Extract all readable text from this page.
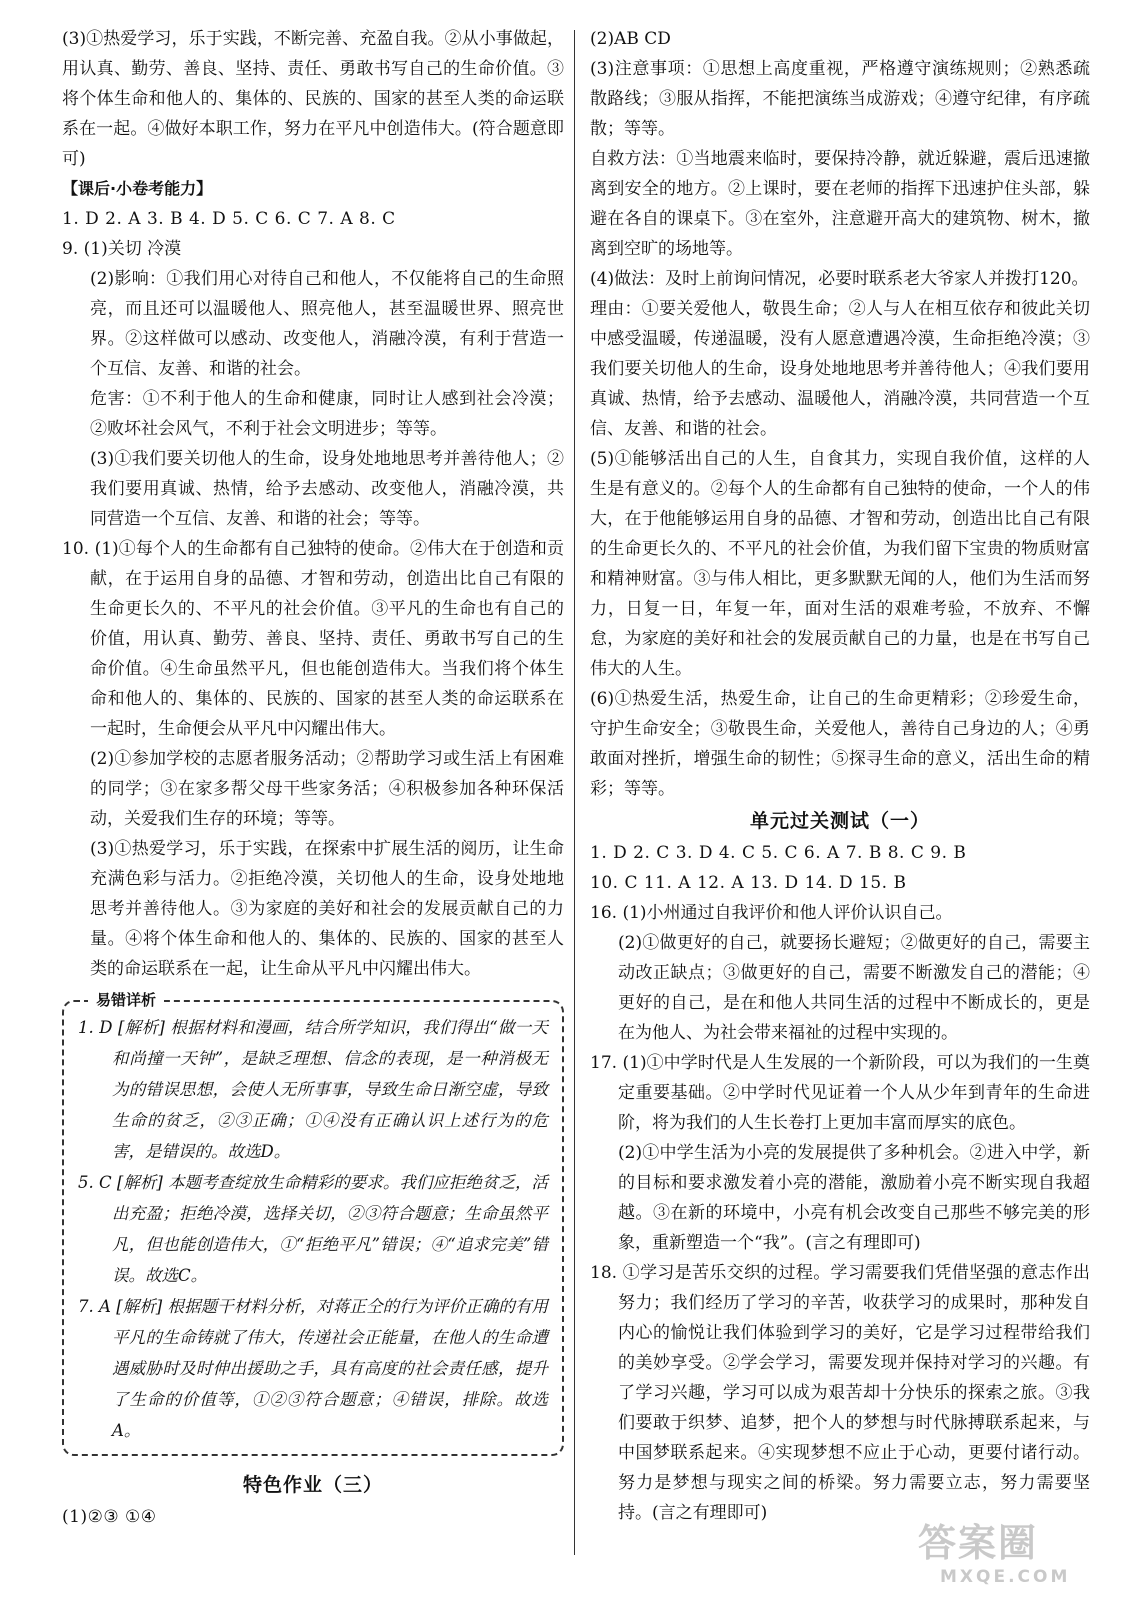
(3)①热爱学习，乐于实践，不断完善、充盈自我。②从小事做起，用认真、勤劳、善良、坚持、责任、勇敢书写自己的生命价值。③将个体生命和他人的、集体的、民族的、国家的甚至人类的命运联系在一起。④做好本职工作，努力在平凡中创造伟大。(符合题意即可)

【课后·小卷考能力】

1. D 2. A 3. B 4. D 5. C 6. C 7. A 8. C

9. (1)关切 冷漠

(2)影响：①我们用心对待自己和他人，不仅能将自己的生命照亮，而且还可以温暖他人、照亮他人，甚至温暖世界、照亮世界。②这样做可以感动、改变他人，消融冷漠，有利于营造一个互信、友善、和谐的社会。

危害：①不利于他人的生命和健康，同时让人感到社会冷漠；②败坏社会风气，不利于社会文明进步；等等。

(3)①我们要关切他人的生命，设身处地地思考并善待他人；②我们要用真诚、热情，给予去感动、改变他人，消融冷漠，共同营造一个互信、友善、和谐的社会；等等。

10. (1)①每个人的生命都有自己独特的使命。②伟大在于创造和贡献，在于运用自身的品德、才智和劳动，创造出比自己有限的生命更长久的、不平凡的社会价值。③平凡的生命也有自己的价值，用认真、勤劳、善良、坚持、责任、勇敢书写自己的生命价值。④生命虽然平凡，但也能创造伟大。当我们将个体生命和他人的、集体的、民族的、国家的甚至人类的命运联系在一起时，生命便会从平凡中闪耀出伟大。

(2)①参加学校的志愿者服务活动；②帮助学习或生活上有困难的同学；③在家多帮父母干些家务活；④积极参加各种环保活动，关爱我们生存的环境；等等。

(3)①热爱学习，乐于实践，在探索中扩展生活的阅历，让生命充满色彩与活力。②拒绝冷漠，关切他人的生命，设身处地地思考并善待他人。③为家庭的美好和社会的发展贡献自己的力量。④将个体生命和他人的、集体的、民族的、国家的甚至人类的命运联系在一起，让生命从平凡中闪耀出伟大。

易错详析

1. D [解析] 根据材料和漫画，结合所学知识，我们得出“做一天和尚撞一天钟”，是缺乏理想、信念的表现，是一种消极无为的错误思想，会使人无所事事，导致生命日渐空虚，导致生命的贫乏，②③正确；①④没有正确认识上述行为的危害，是错误的。故选D。

5. C [解析] 本题考查绽放生命精彩的要求。我们应拒绝贫乏，活出充盈；拒绝冷漠，选择关切，②③符合题意；生命虽然平凡，但也能创造伟大，①“拒绝平凡”错误；④“追求完美”错误。故选C。

7. A [解析] 根据题干材料分析，对蒋正仝的行为评价正确的有用平凡的生命铸就了伟大，传递社会正能量，在他人的生命遭遇威胁时及时伸出援助之手，具有高度的社会责任感，提升了生命的价值等，①②③符合题意；④错误，排除。故选A。

特色作业（三）

(1)②③ ①④

(2)AB CD

(3)注意事项：①思想上高度重视，严格遵守演练规则；②熟悉疏散路线；③服从指挥，不能把演练当成游戏；④遵守纪律，有序疏散；等等。

自救方法：①当地震来临时，要保持冷静，就近躲避，震后迅速撤离到安全的地方。②上课时，要在老师的指挥下迅速护住头部，躲避在各自的课桌下。③在室外，注意避开高大的建筑物、树木，撤离到空旷的场地等。

(4)做法：及时上前询问情况，必要时联系老大爷家人并拨打120。

理由：①要关爱他人，敬畏生命；②人与人在相互依存和彼此关切中感受温暖，传递温暖，没有人愿意遭遇冷漠，生命拒绝冷漠；③我们要关切他人的生命，设身处地地思考并善待他人；④我们要用真诚、热情，给予去感动、温暖他人，消融冷漠，共同营造一个互信、友善、和谐的社会。

(5)①能够活出自己的人生，自食其力，实现自我价值，这样的人生是有意义的。②每个人的生命都有自己独特的使命，一个人的伟大，在于他能够运用自身的品德、才智和劳动，创造出比自己有限的生命更长久的、不平凡的社会价值，为我们留下宝贵的物质财富和精神财富。③与伟人相比，更多默默无闻的人，他们为生活而努力，日复一日，年复一年，面对生活的艰难考验，不放弃、不懈怠，为家庭的美好和社会的发展贡献自己的力量，也是在书写自己伟大的人生。

(6)①热爱生活，热爱生命，让自己的生命更精彩；②珍爱生命，守护生命安全；③敬畏生命，关爱他人，善待自己身边的人；④勇敢面对挫折，增强生命的韧性；⑤探寻生命的意义，活出生命的精彩；等等。

单元过关测试（一）

1. D 2. C 3. D 4. C 5. C 6. A 7. B 8. C 9. B

10. C 11. A 12. A 13. D 14. D 15. B

16. (1)小州通过自我评价和他人评价认识自己。

(2)①做更好的自己，就要扬长避短；②做更好的自己，需要主动改正缺点；③做更好的自己，需要不断激发自己的潜能；④更好的自己，是在和他人共同生活的过程中不断成长的，更是在为他人、为社会带来福祉的过程中实现的。

17. (1)①中学时代是人生发展的一个新阶段，可以为我们的一生奠定重要基础。②中学时代见证着一个人从少年到青年的生命进阶，将为我们的人生长卷打上更加丰富而厚实的底色。

(2)①中学生活为小亮的发展提供了多种机会。②进入中学，新的目标和要求激发着小亮的潜能，激励着小亮不断实现自我超越。③在新的环境中，小亮有机会改变自己那些不够完美的形象，重新塑造一个“我”。(言之有理即可)

18. ①学习是苦乐交织的过程。学习需要我们凭借坚强的意志作出努力；我们经历了学习的辛苦，收获学习的成果时，那种发自内心的愉悦让我们体验到学习的美好，它是学习过程带给我们的美妙享受。②学会学习，需要发现并保持对学习的兴趣。有了学习兴趣，学习可以成为艰苦却十分快乐的探索之旅。③我们要敢于织梦、追梦，把个人的梦想与时代脉搏联系起来，与中国梦联系起来。④实现梦想不应止于心动，更要付诸行动。努力是梦想与现实之间的桥梁。努力需要立志，努力需要坚持。(言之有理即可)

答案圈
MXQE.COM
